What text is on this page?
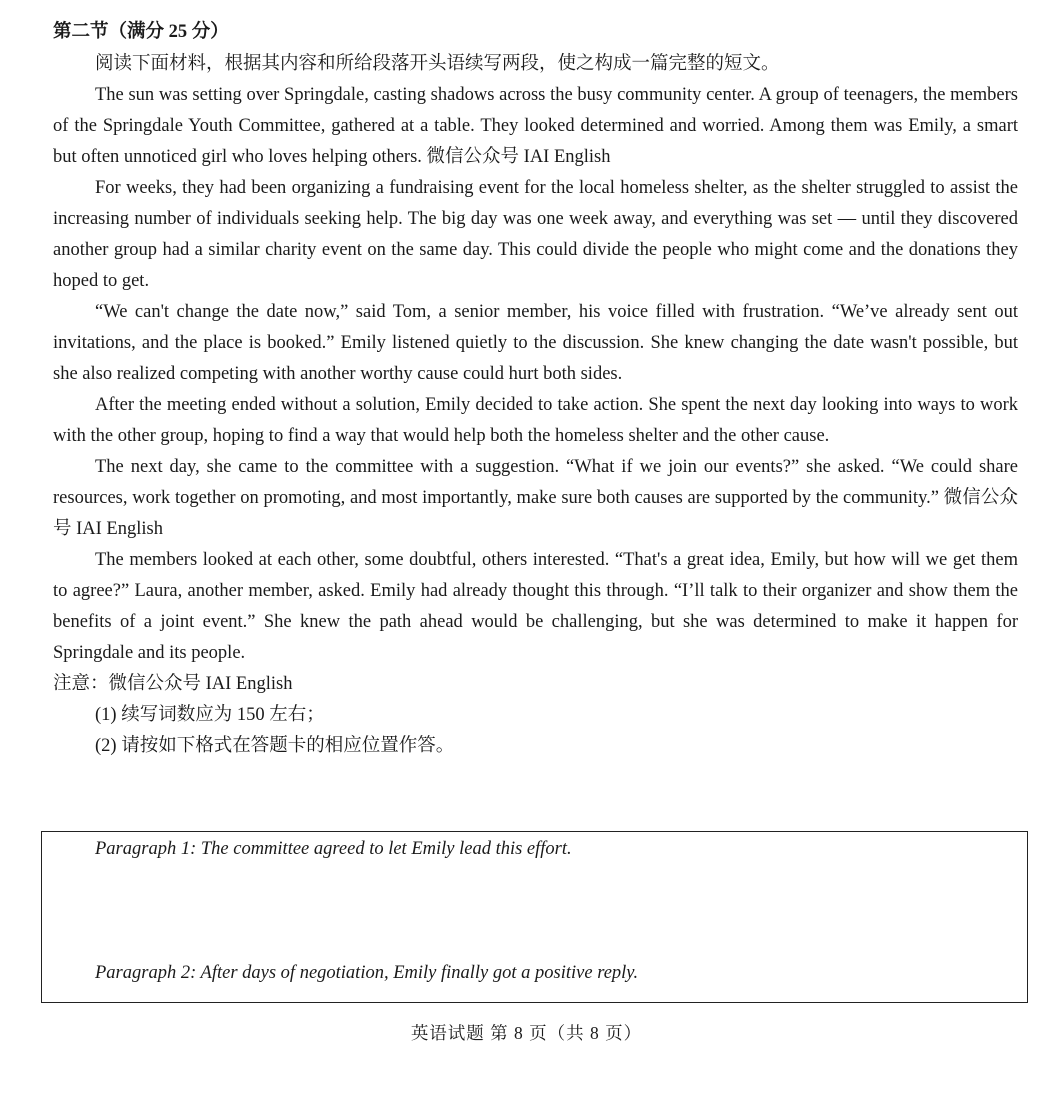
第二节（满分 25 分）

阅读下面材料，根据其内容和所给段落开头语续写两段，使之构成一篇完整的短文。

The sun was setting over Springdale, casting shadows across the busy community center. A group of teenagers, the members of the Springdale Youth Committee, gathered at a table. They looked determined and worried. Among them was Emily, a smart but often unnoticed girl who loves helping others. 微信公众号 IAI English

For weeks, they had been organizing a fundraising event for the local homeless shelter, as the shelter struggled to assist the increasing number of individuals seeking help. The big day was one week away, and everything was set — until they discovered another group had a similar charity event on the same day. This could divide the people who might come and the donations they hoped to get.

“We can't change the date now,” said Tom, a senior member, his voice filled with frustration. “We’ve already sent out invitations, and the place is booked.” Emily listened quietly to the discussion. She knew changing the date wasn't possible, but she also realized competing with another worthy cause could hurt both sides.

After the meeting ended without a solution, Emily decided to take action. She spent the next day looking into ways to work with the other group, hoping to find a way that would help both the homeless shelter and the other cause.

The next day, she came to the committee with a suggestion. “What if we join our events?” she asked. “We could share resources, work together on promoting, and most importantly, make sure both causes are supported by the community.” 微信公众号 IAI English

The members looked at each other, some doubtful, others interested. “That's a great idea, Emily, but how will we get them to agree?” Laura, another member, asked. Emily had already thought this through. “I’ll talk to their organizer and show them the benefits of a joint event.” She knew the path ahead would be challenging, but she was determined to make it happen for Springdale and its people.

注意：微信公众号 IAI English

(1) 续写词数应为 150 左右；

(2) 请按如下格式在答题卡的相应位置作答。

Paragraph 1: The committee agreed to let Emily lead this effort.
Paragraph 2: After days of negotiation, Emily finally got a positive reply.
英语试题 第 8 页（共 8 页）
